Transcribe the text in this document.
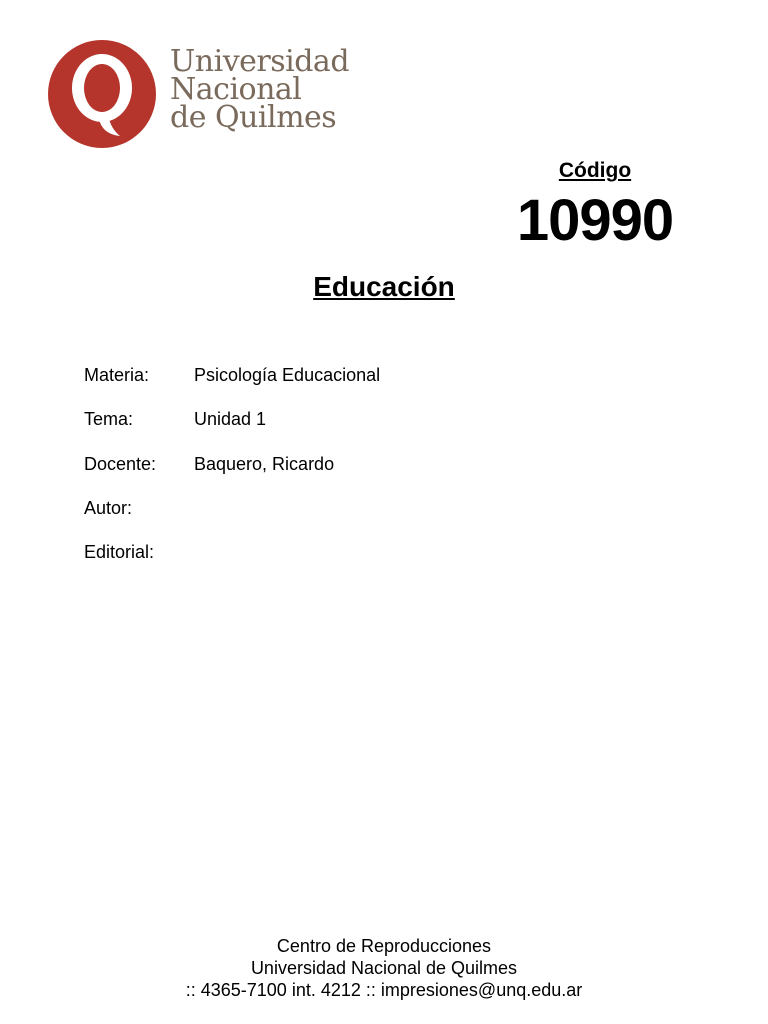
Universidad
Nacional
de Quilmes
Código
10990
Educación
Materia: Psicología Educacional
Tema:	Unidad 1
Docente: Baquero, Ricardo
Autor:
Editorial:
Centro de Reproducciones
Universidad Nacional de Quilmes
:: 4365-7100 int. 4212 :: impresiones@unq.edu.ar
